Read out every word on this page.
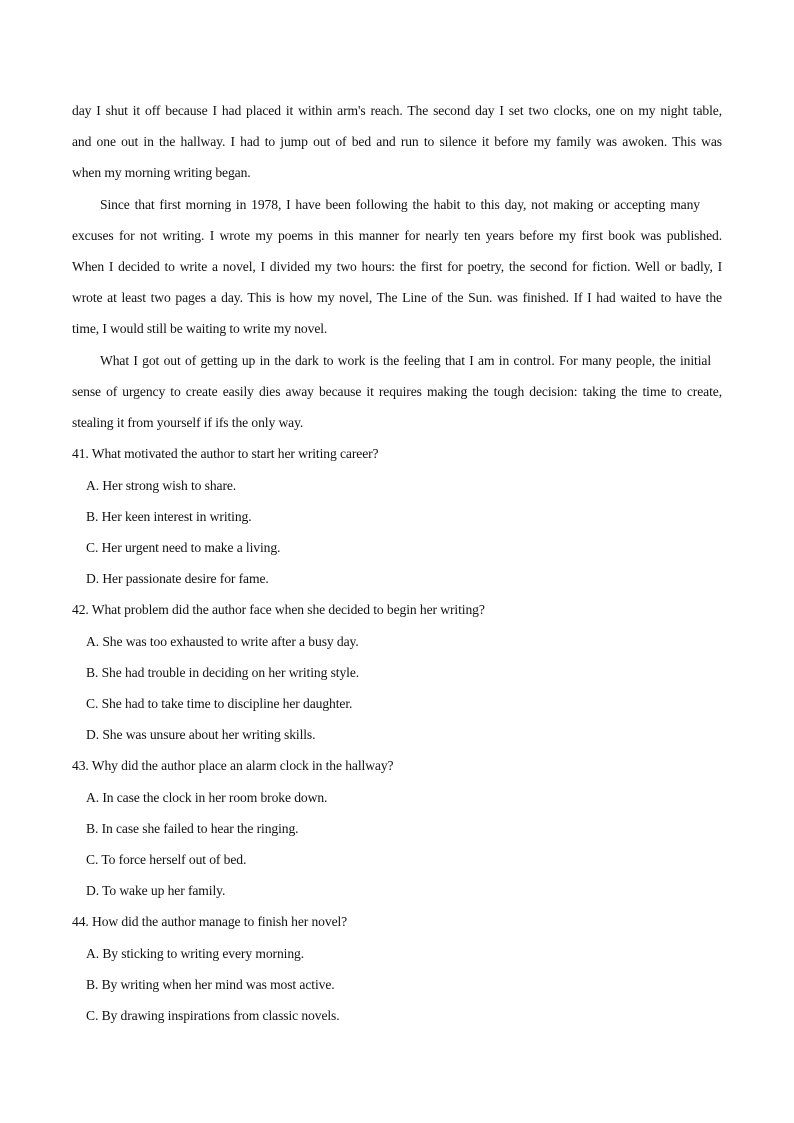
day I shut it off because I had placed it within arm's reach. The second day I set two clocks, one on my night table,
and one out in the hallway. I had to jump out of bed and run to silence it before my family was awoken. This was
when my morning writing began.
Since that first morning in 1978, I have been following the habit to this day, not making or accepting many
excuses for not writing. I wrote my poems in this manner for nearly ten years before my first book was published.
When I decided to write a novel, I divided my two hours: the first for poetry, the second for fiction. Well or badly, I
wrote at least two pages a day. This is how my novel, The Line of the Sun. was finished. If I had waited to have the
time, I would still be waiting to write my novel.
What I got out of getting up in the dark to work is the feeling that I am in control. For many people, the initial
sense of urgency to create easily dies away because it requires making the tough decision: taking the time to create,
stealing it from yourself if ifs the only way.
41. What motivated the author to start her writing career?
A. Her strong wish to share.
B. Her keen interest in writing.
C. Her urgent need to make a living.
D. Her passionate desire for fame.
42. What problem did the author face when she decided to begin her writing?
A. She was too exhausted to write after a busy day.
B. She had trouble in deciding on her writing style.
C. She had to take time to discipline her daughter.
D. She was unsure about her writing skills.
43. Why did the author place an alarm clock in the hallway?
A. In case the clock in her room broke down.
B. In case she failed to hear the ringing.
C. To force herself out of bed.
D. To wake up her family.
44. How did the author manage to finish her novel?
A. By sticking to writing every morning.
B. By writing when her mind was most active.
C. By drawing inspirations from classic novels.
